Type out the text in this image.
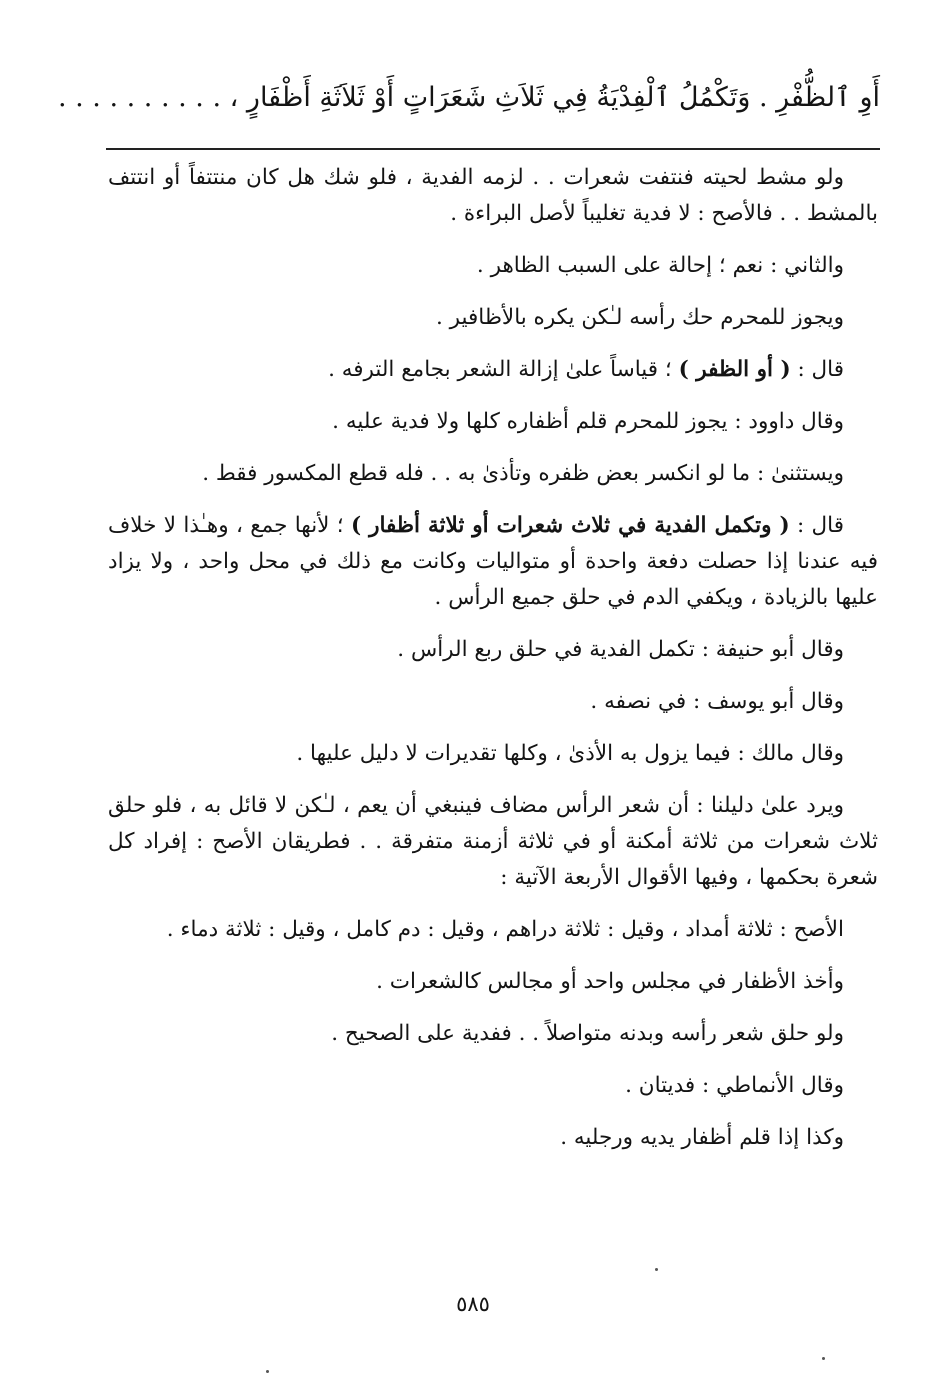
أَوِ ٱلظُّفْرِ . وَتَكْمُلُ ٱلْفِدْيَةُ فِي ثَلاَثِ شَعَرَاتٍ أَوْ ثَلاَثَةِ أَظْفَارٍ ، . . . . . . . . . .

ولو مشط لحيته فنتفت شعرات . . لزمه الفدية ، فلو شك هل كان منتتفاً أو انتتف بالمشط . . فالأصح : لا فدية تغليباً لأصل البراءة .

والثاني : نعم ؛ إحالة على السبب الظاهر .

ويجوز للمحرم حك رأسه لـٰكن يكره بالأظافير .

قال : ( أو الظفر ) ؛ قياساً علىٰ إزالة الشعر بجامع الترفه .

وقال داوود : يجوز للمحرم قلم أظفاره كلها ولا فدية عليه .

ويستثنىٰ : ما لو انكسر بعض ظفره وتأذىٰ به . . فله قطع المكسور فقط .

قال : ( وتكمل الفدية في ثلاث شعرات أو ثلاثة أظفار ) ؛ لأنها جمع ، وهـٰذا لا خلاف فيه عندنا إذا حصلت دفعة واحدة أو متواليات وكانت مع ذلك في محل واحد ، ولا يزاد عليها بالزيادة ، ويكفي الدم في حلق جميع الرأس .

وقال أبو حنيفة : تكمل الفدية في حلق ربع الرأس .

وقال أبو يوسف : في نصفه .

وقال مالك : فيما يزول به الأذىٰ ، وكلها تقديرات لا دليل عليها .

ويرد علىٰ دليلنا : أن شعر الرأس مضاف فينبغي أن يعم ، لـٰكن لا قائل به ، فلو حلق ثلاث شعرات من ثلاثة أمكنة أو في ثلاثة أزمنة متفرقة . . فطريقان الأصح : إفراد كل شعرة بحكمها ، وفيها الأقوال الأربعة الآتية :

الأصح : ثلاثة أمداد ، وقيل : ثلاثة دراهم ، وقيل : دم كامل ، وقيل : ثلاثة دماء .

وأخذ الأظفار في مجلس واحد أو مجالس كالشعرات .

ولو حلق شعر رأسه وبدنه متواصلاً . . ففدية على الصحيح .

وقال الأنماطي : فديتان .

وكذا إذا قلم أظفار يديه ورجليه .

٥٨٥
